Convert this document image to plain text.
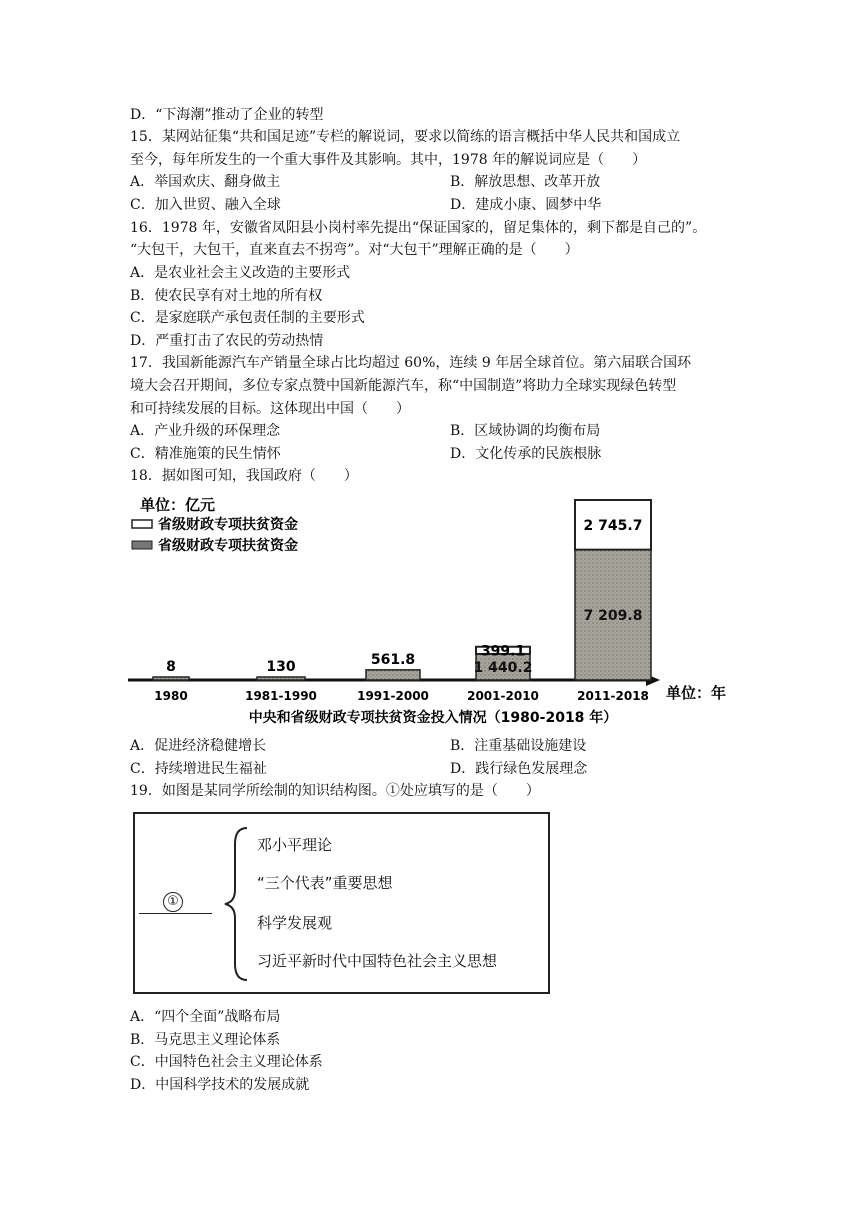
D．“下海潮”推动了企业的转型
15．某网站征集“共和国足迹”专栏的解说词，要求以简练的语言概括中华人民共和国成立
至今，每年所发生的一个重大事件及其影响。其中，1978 年的解说词应是（　　）
A．举国欢庆、翻身做主	B．解放思想、改革开放
C．加入世贸、融入全球	D．建成小康、圆梦中华
16．1978 年，安徽省凤阳县小岗村率先提出“保证国家的，留足集体的，剩下都是自己的”。
“大包干，大包干，直来直去不拐弯”。对“大包干”理解正确的是（　　）
A．是农业社会主义改造的主要形式
B．使农民享有对土地的所有权
C．是家庭联产承包责任制的主要形式
D．严重打击了农民的劳动热情
17．我国新能源汽车产销量全球占比均超过 60%，连续 9 年居全球首位。第六届联合国环
境大会召开期间，多位专家点赞中国新能源汽车，称“中国制造”将助力全球实现绿色转型
和可持续发展的目标。这体现出中国（　　）
A．产业升级的环保理念	B．区域协调的均衡布局
C．精准施策的民生情怀	D．文化传承的民族根脉
18．据如图可知，我国政府（　　）
单位：亿元
省级财政专项扶贫资金
省级财政专项扶贫资金
单位：年
8
1980
130
1981-1990
561.8
1991-2000
399.1
1 440.2
2001-2010
2 745.7
7 209.8
2011-2018
中央和省级财政专项扶贫资金投入情况（1980-2018 年）
A．促进经济稳健增长	B．注重基础设施建设
C．持续增进民生福祉	D．践行绿色发展理念
19．如图是某同学所绘制的知识结构图。①处应填写的是（　　）
①
邓小平理论
“三个代表”重要思想
科学发展观
习近平新时代中国特色社会主义思想
A．“四个全面”战略布局
B．马克思主义理论体系
C．中国特色社会主义理论体系
D．中国科学技术的发展成就
